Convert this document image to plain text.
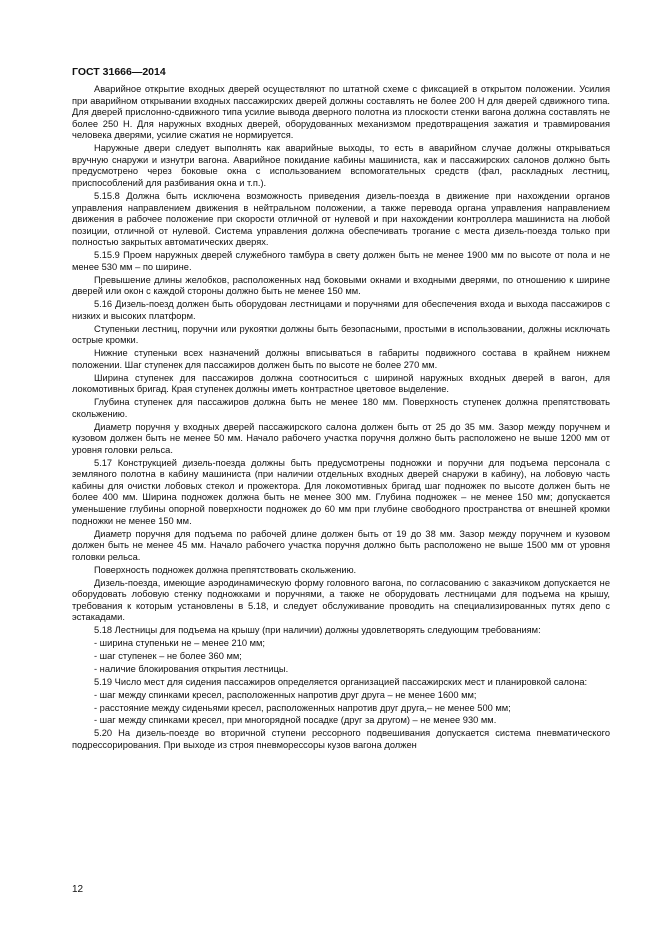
ГОСТ 31666—2014

Аварийное открытие входных дверей осуществляют по штатной схеме с фиксацией в открытом положении. Усилия при аварийном открывании входных пассажирских дверей должны составлять не более 200 Н для дверей сдвижного типа. Для дверей прислонно-сдвижного типа усилие вывода дверного полотна из плоскости стенки вагона должна составлять не более 250 Н. Для наружных входных дверей, оборудованных механизмом предотвращения зажатия и травмирования человека дверями, усилие сжатия не нормируется.

Наружные двери следует выполнять как аварийные выходы, то есть в аварийном случае должны открываться вручную снаружи и изнутри вагона. Аварийное покидание кабины машиниста, как и пассажирских салонов должно быть предусмотрено через боковые окна с использованием вспомогательных средств (фал, раскладных лестниц, приспособлений для разбивания окна и т.п.).

5.15.8 Должна быть исключена возможность приведения дизель-поезда в движение при нахождении органов управления направлением движения в нейтральном положении, а также перевода органа управления направлением движения в рабочее положение при скорости отличной от нулевой и при нахождении контроллера машиниста на любой позиции, отличной от нулевой. Система управления должна обеспечивать трогание с места дизель-поезда только при полностью закрытых автоматических дверях.

5.15.9 Проем наружных дверей служебного тамбура в свету должен быть не менее 1900 мм по высоте от пола и не менее 530 мм – по ширине.

Превышение длины желобков, расположенных над боковыми окнами и входными дверями, по отношению к ширине дверей или окон с каждой стороны должно быть не менее 150 мм.

5.16 Дизель-поезд должен быть оборудован лестницами и поручнями для обеспечения входа и выхода пассажиров с низких и высоких платформ.

Ступеньки лестниц, поручни или рукоятки должны быть безопасными, простыми в использовании, должны исключать острые кромки.

Нижние ступеньки всех назначений должны вписываться в габариты подвижного состава в крайнем нижнем положении. Шаг ступенек для пассажиров должен быть по высоте не более 270 мм.

Ширина ступенек для пассажиров должна соотноситься с шириной наружных входных дверей в вагон, для локомотивных бригад. Края ступенек должны иметь контрастное цветовое выделение.

Глубина ступенек для пассажиров должна быть не менее 180 мм. Поверхность ступенек должна препятствовать скольжению.

Диаметр поручня у входных дверей пассажирского салона должен быть от 25 до 35 мм. Зазор между поручнем и кузовом должен быть не менее 50 мм. Начало рабочего участка поручня должно быть расположено не выше 1200 мм от уровня головки рельса.

5.17 Конструкцией дизель-поезда должны быть предусмотрены подножки и поручни для подъема персонала с земляного полотна в кабину машиниста (при наличии отдельных входных дверей снаружи в кабину), на лобовую часть кабины для очистки лобовых стекол и прожектора. Для локомотивных бригад шаг подножек по высоте должен быть не более 400 мм. Ширина подножек должна быть не менее 300 мм. Глубина подножек – не менее 150 мм; допускается уменьшение глубины опорной поверхности подножек до 60 мм при глубине свободного пространства от внешней кромки подножки не менее 150 мм.

Диаметр поручня для подъема по рабочей длине должен быть от 19 до 38 мм. Зазор между поручнем и кузовом должен быть не менее 45 мм. Начало рабочего участка поручня должно быть расположено не выше 1500 мм от уровня головки рельса.

Поверхность подножек должна препятствовать скольжению.

Дизель-поезда, имеющие аэродинамическую форму головного вагона, по согласованию с заказчиком допускается не оборудовать лобовую стенку подножками и поручнями, а также не оборудовать лестницами для подъема на крышу, требования к которым установлены в 5.18, и следует обслуживание проводить на специализированных путях депо с эстакадами.

5.18 Лестницы для подъема на крышу (при наличии) должны удовлетворять следующим требованиям:

- ширина ступеньки не – менее 210 мм;

- шаг ступенек – не более 360 мм;

- наличие блокирования открытия лестницы.

5.19 Число мест для сидения пассажиров определяется организацией пассажирских мест и планировкой салона:

- шаг между спинками кресел, расположенных напротив друг друга – не менее 1600 мм;

- расстояние между сиденьями кресел, расположенных напротив друг друга,– не менее 500 мм;

- шаг между спинками кресел, при многорядной посадке (друг за другом) – не менее 930 мм.

5.20 На дизель-поезде во вторичной ступени рессорного подвешивания допускается система пневматического подрессорирования. При выходе из строя пневморессоры кузов вагона должен

12
